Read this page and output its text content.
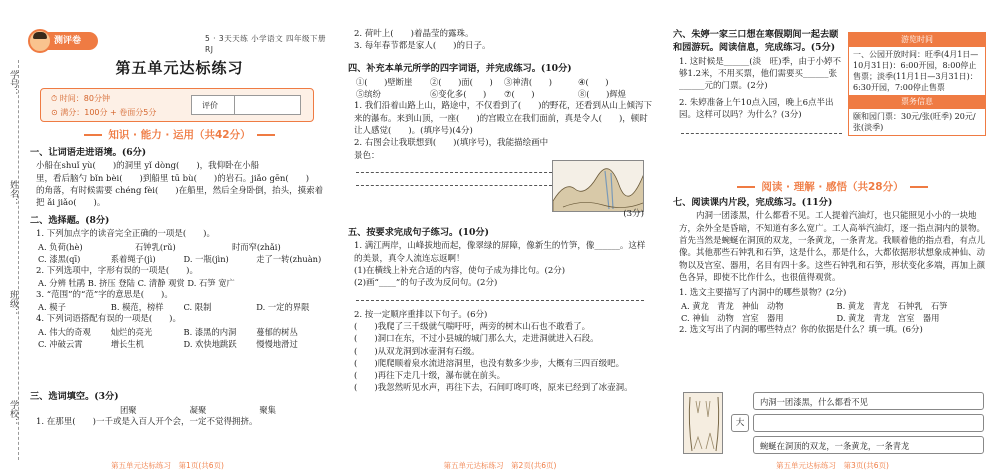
学号：
姓名：
班级：
学校：
测评卷	5 · 3天天练 小学语文 四年级下册 RJ
第五单元达标练习
⏱ 时间：80分钟
⊙ 满分：100分 + 卷面分5分
评价
知识 · 能力 · 运用（共42分）
一、让词语走进语境。(6分)
小船在shuǐ yù(　　)的洞里 yǐ dòng(　　)，我仰卧在小船
里，看后脑勺 bǐn bèi(　　)到船里 tū bù(　　)的岩石。jiǎo gēn(　　)
的角落，有时候需要 chéng fèi(　　)在船里，然后全身卧倒，抬头，摸索着把 ǎi jiǎo(　　)。
二、选择题。(8分)
1. 下列加点字的读音完全正确的一项是(　　)。
A. 负荷(hè)	石钟乳(rǔ)	时而窄(zhǎi)
C. 漆黑(qī)	系着绳子(jì)	D. 一瓶(jìn)	走了一转(zhuàn)
2. 下列选项中，字形有误的一项是(　　)。
A. 分辨 牡鹃 B. 挤压 登陆 C. 清静 观赏 D. 石笋 宽广
3. “范围”的“范”字的意思是(　　)。
A. 模子	B. 模范，榜样	C. 限制	D. 一定的界限
4. 下列词语搭配有误的一项是(　　)。
A. 伟大的奇观	灿烂的亮光	B. 漆黑的内洞	蔓郁的树丛
C. 冲破云霄	增长生机	D. 欢快地跳跃	慢慢地滑过
三、选词填空。(3分)
团聚	凝聚	聚集
1. 在那里(　　)一千或是入百人开个会，一定不觉得拥挤。
第五单元达标练习　第1页(共6页)
2. 荷叶上(　　)着晶莹的露珠。
3. 每年春节都是家人(　　)的日子。
四、补充本单元所学的四字词语，并完成练习。(10分)
①(　　)壁断崖	②(　　)面(　　)	③神清(　　)	④(　　)
⑤缤纷	⑥变化多(　　)	⑦(　　)	⑧(　　)辉煌
1. 我们沿着山路上山，路途中，不仅看到了(　　)的野花，还看到从山上倾泻下来的瀑布。来到山顶，一座(　　)的宫殿立在我们面前，真是令人(　　)，顿时让人感觉(　　)。(填序号)(4分)
2. 右图会让我联想到(　　)(填序号)，我能描绘画中景色：
(3分)
五、按要求完成句子练习。(10分)
1. 满江两岸，山峰拔地而起，像翠绿的屏障，像新生的竹笋，像______。这样的美景，真令人流连忘返啊！
(1)在横线上补充合适的内容，使句子成为排比句。(2分)
(2)画“____”的句子改为反问句。(2分)
2. 按一定顺序重排以下句子。(6分)
(　　)我爬了三千级就气喘吁吁，两旁的树木山石也不敢看了。
(　　)洞口在东，不过小县城的城门那么大，走进洞就进入石段。
(　　)从双龙洞到冰壶洞有石级。
(　　)爬爬顺着泉水流进溶洞里，也没有数多少步，大概有三四百级吧。
(　　)再往下走几十级，瀑布就在前头。
(　　)我忽然听见水声，再往下去，石间叮咚叮咚，原来已经到了冰壶洞。
第五单元达标练习　第2页(共6页)
六、朱婷一家三口想在寒假期间一起去颐和园游玩。阅读信息，完成练习。(5分)
1. 这时候是______(淡　旺)季，由于小婷不够1.2米，不用买票，他们需要买______张______元的门票。(2分)
2. 朱婷准备上午10点入园，晚上6点半出园。这样可以吗？为什么？(3分)
游览时间
一、公园开放时间：旺季(4月1日—10月31日)：6:00开园，8:00停止售票；淡季(11月1日—3月31日)：6:30开园，7:00停止售票
票务信息
颐和园门票：30元/张(旺季) 20元/张(淡季)
阅读 · 理解 · 感悟（共28分）
七、阅读课内片段，完成练习。(11分)
内洞一团漆黑，什么都看不见。工人提着汽油灯，也只能照见小小的一块地方，余外全是昏暗，不知道有多么宽广。工人高举汽油灯，逐一指点洞内的景物。首先当然是蜿蜒在洞顶的双龙，一条黄龙，一条青龙。我顺着他的指点看，有点儿像。其他那些石钟乳和石笋，这是什么，那是什么，大都依据形状想象成神仙、动物以及宫室、器用，名目有四十多。这些石钟乳和石笋，形状变化多端，再加上颜色各异，即使不比作什么，也很值得观赏。
1. 选文主要描写了内洞中的哪些景物？(2分)
A. 黄龙　青龙　神仙　动物	B. 黄龙　青龙　石钟乳　石笋
C. 神仙　动物　宫室　器用	D. 黄龙　青龙　宫室　器用
2. 选文写出了内洞的哪些特点？你的依据是什么？填一填。(6分)
内洞一团漆黑，什么都看不见
大
蜿蜒在洞顶的双龙，一条黄龙，一条青龙
第五单元达标练习　第3页(共6页)
